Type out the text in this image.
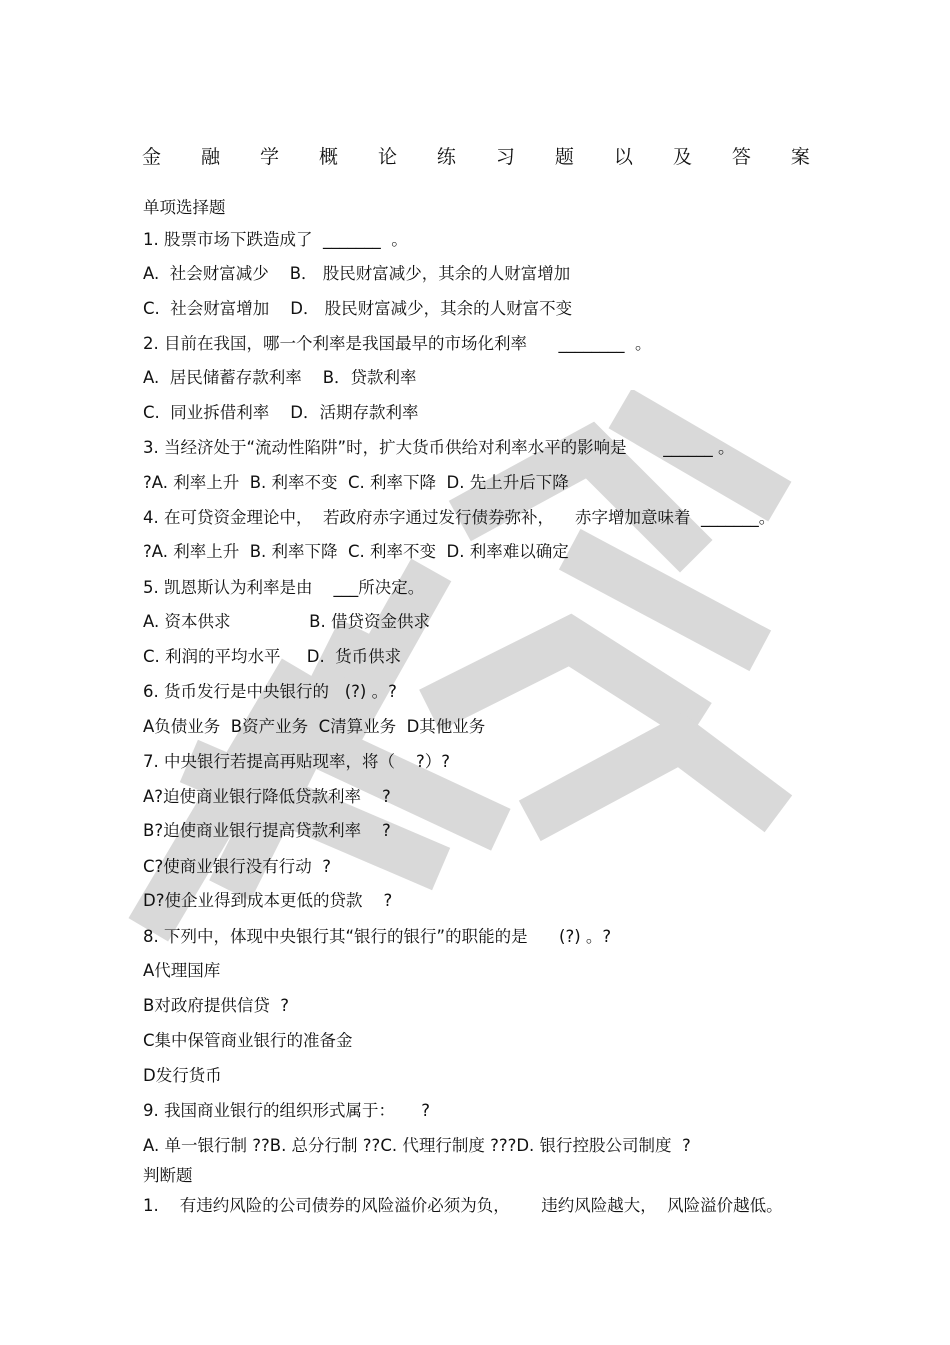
金 融 学 概 论 练 习 题 以 及 答 案
单项选择题
1. 股票市场下跌造成了  _______  。
A.  社会财富减少    B． 股民财富减少，其余的人财富增加
C.  社会财富增加    D． 股民财富减少，其余的人财富不变
2. 目前在我国，哪一个利率是我国最早的市场化利率      ________  。
A.  居民储蓄存款利率    B．贷款利率
C.  同业拆借利率    D．活期存款利率
3. 当经济处于“流动性陷阱”时，扩大货币供给对利率水平的影响是       ______ 。
?A. 利率上升  B. 利率不变  C. 利率下降  D. 先上升后下降
4. 在可贷资金理论中，  若政府赤字通过发行债券弥补，    赤字增加意味着  _______。
?A. 利率上升  B. 利率下降  C. 利率不变  D. 利率难以确定
5. 凯恩斯认为利率是由    ___所决定。
A. 资本供求               B. 借贷资金供求
C. 利润的平均水平     D.  货币供求
6. 货币发行是中央银行的   (?) 。?
A负债业务  B资产业务  C清算业务  D其他业务
7. 中央银行若提高再贴现率，将（    ?）?
A?迫使商业银行降低贷款利率    ?
B?迫使商业银行提高贷款利率    ?
C?使商业银行没有行动  ?
D?使企业得到成本更低的贷款    ?
8. 下列中，体现中央银行其“银行的银行”的职能的是      (?) 。?
A代理国库
B对政府提供信贷  ?
C集中保管商业银行的准备金
D发行货币
9. 我国商业银行的组织形式属于：     ?
A. 单一银行制 ??B. 总分行制 ??C. 代理行制度 ???D. 银行控股公司制度  ?
判断题
1.    有违约风险的公司债券的风险溢价必须为负，      违约风险越大，  风险溢价越低。
